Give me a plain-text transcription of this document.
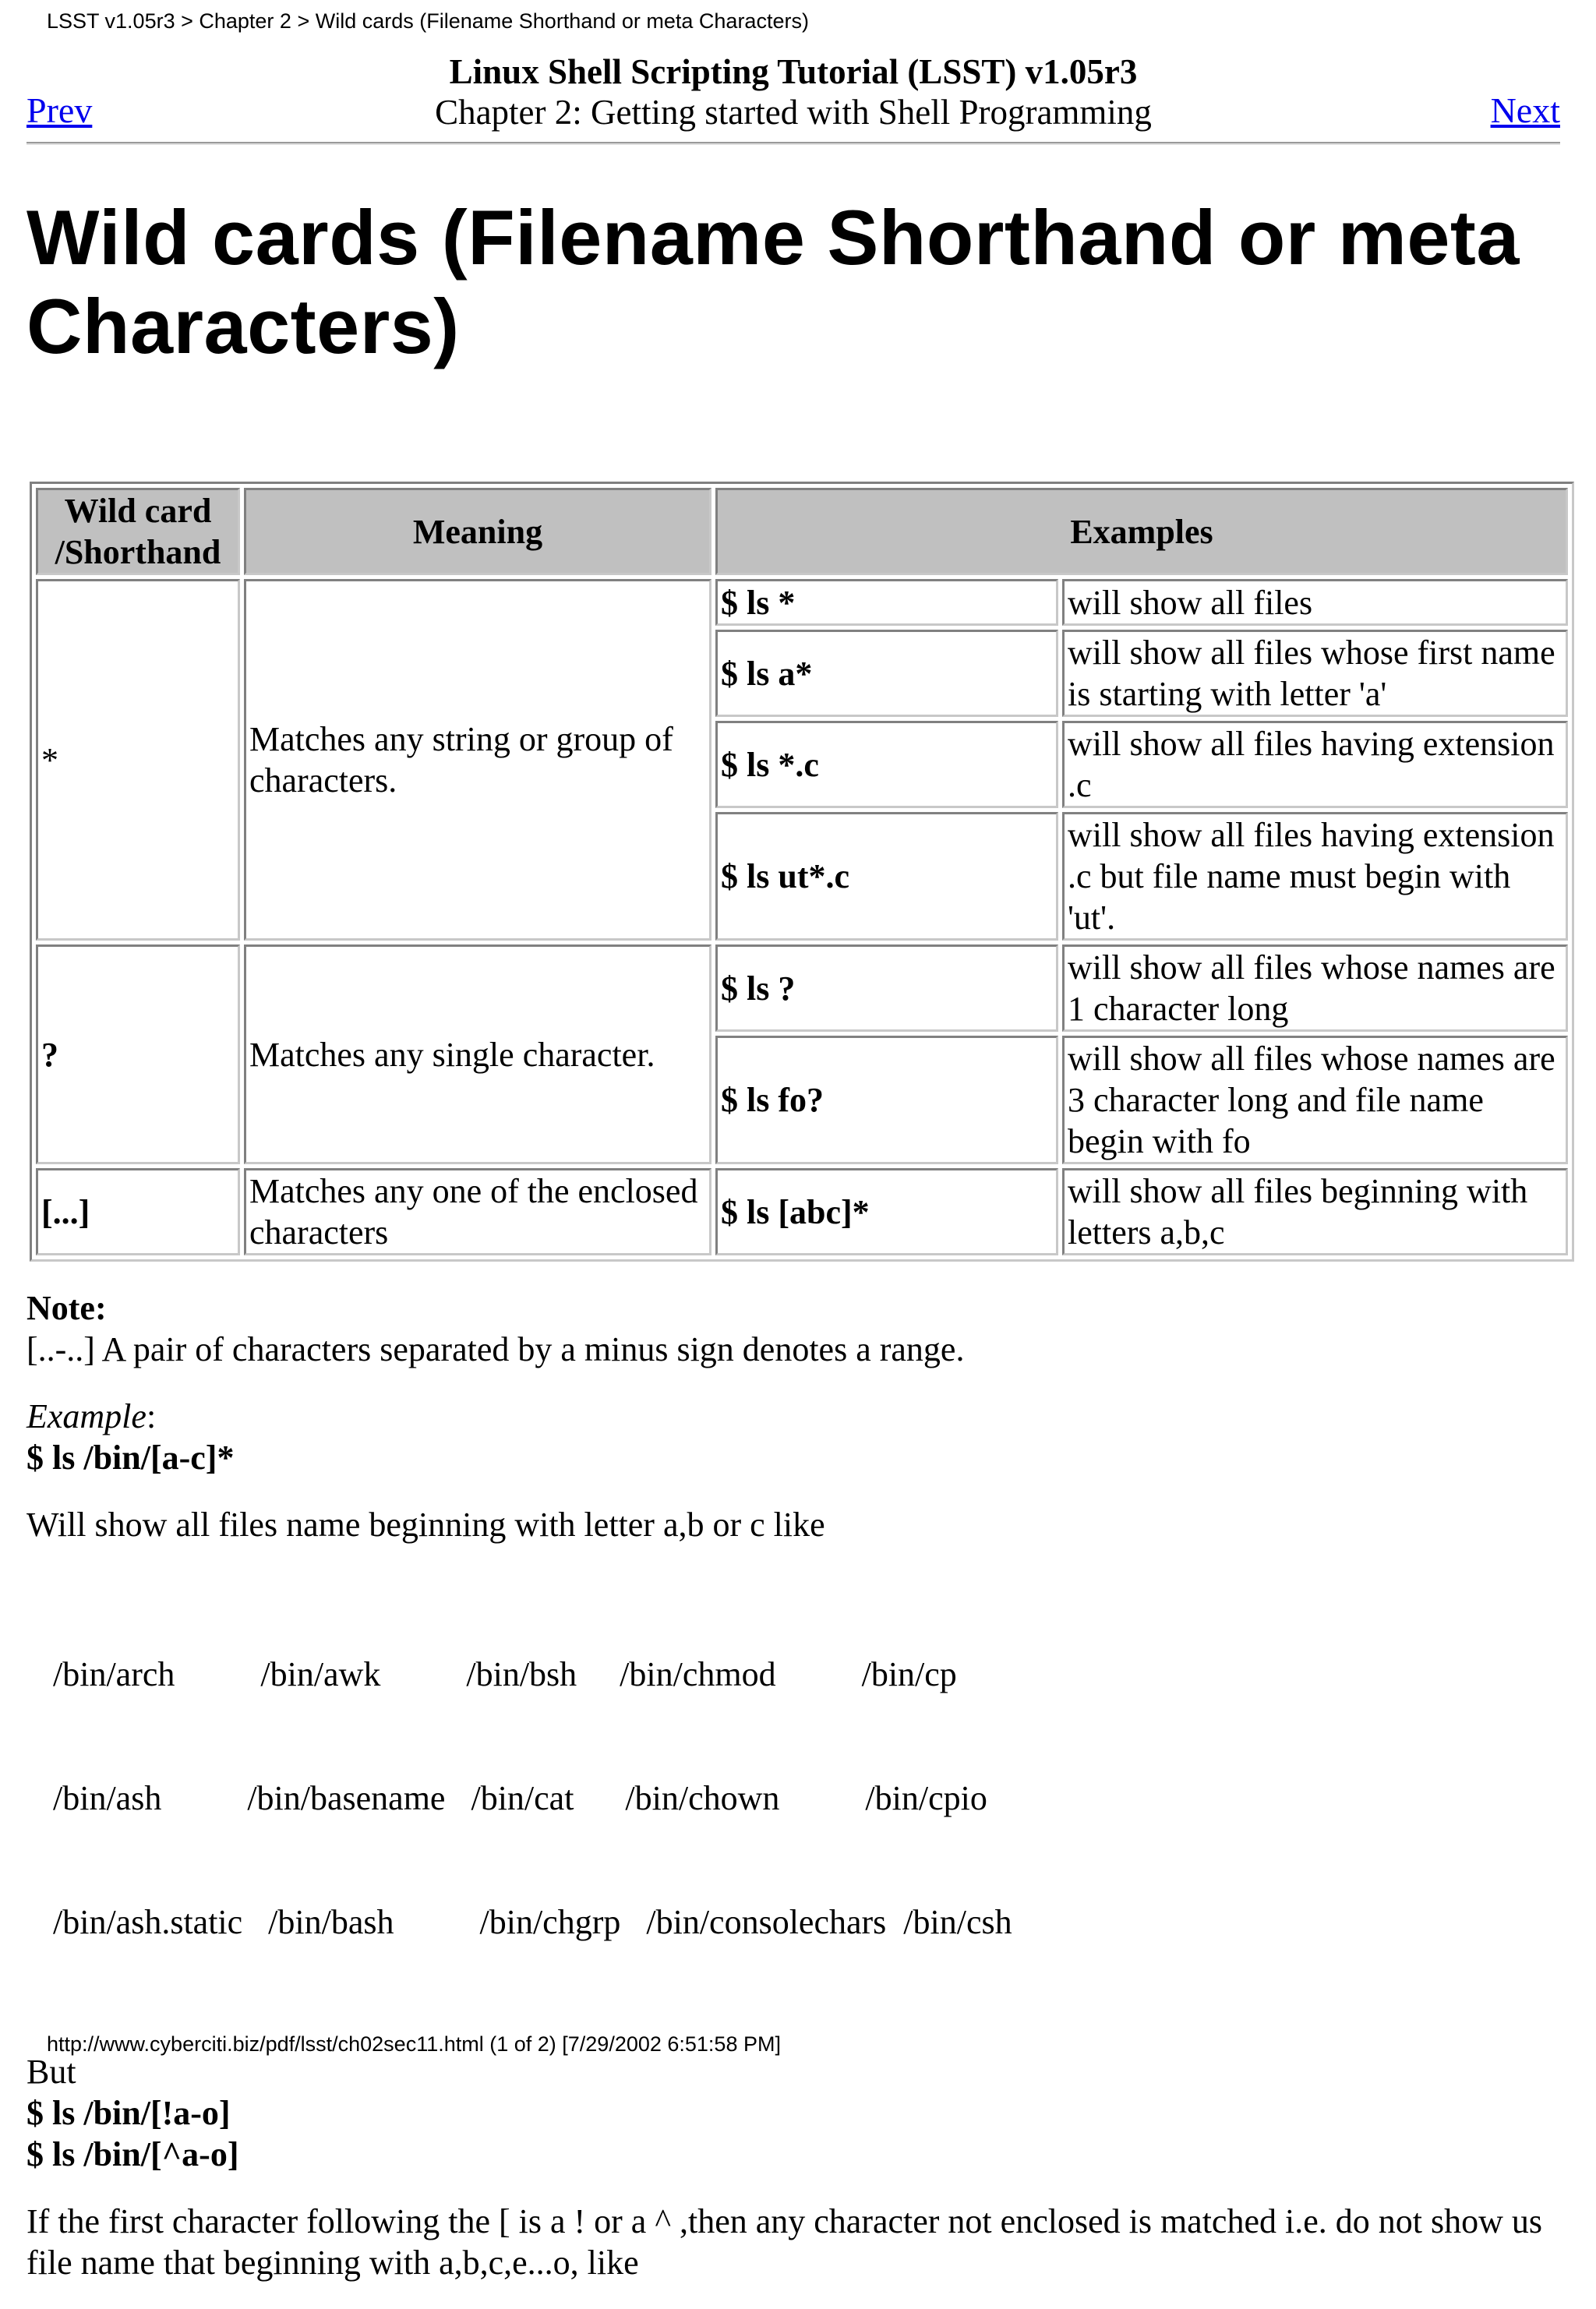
LSST v1.05r3 > Chapter 2 > Wild cards (Filename Shorthand or meta Characters)
Linux Shell Scripting Tutorial (LSST) v1.05r3
Chapter 2: Getting started with Shell Programming
Prev	Next
Wild cards (Filename Shorthand or meta Characters)
Wild card /Shorthand	Meaning	Examples	
*	Matches any string or group of characters.	$ ls *	will show all files
		$ ls a*	will show all files whose first name is starting with letter 'a'
		$ ls *.c	will show all files having extension .c
		$ ls ut*.c	will show all files having extension .c but file name must begin with 'ut'.
?	Matches any single character.	$ ls ?	will show all files whose names are 1 character long
		$ ls fo?	will show all files whose names are 3 character long and file name begin with fo
[...]	Matches any one of the enclosed characters	$ ls [abc]*	will show all files beginning with letters a,b,c

Note:
[..-..] A pair of characters separated by a minus sign denotes a range.

Example:
$ ls /bin/[a-c]*

Will show all files name beginning with letter a,b or c like

/bin/arch          /bin/awk          /bin/bsh     /bin/chmod          /bin/cp

/bin/ash          /bin/basename   /bin/cat      /bin/chown          /bin/cpio

/bin/ash.static   /bin/bash          /bin/chgrp   /bin/consolechars  /bin/csh

But
$ ls /bin/[!a-o]
$ ls /bin/[^a-o]

If the first character following the [ is a ! or a ^ ,then any character not enclosed is matched i.e. do not show us file name that beginning with a,b,c,e...o, like

http://www.cyberciti.biz/pdf/lsst/ch02sec11.html (1 of 2) [7/29/2002 6:51:58 PM]
